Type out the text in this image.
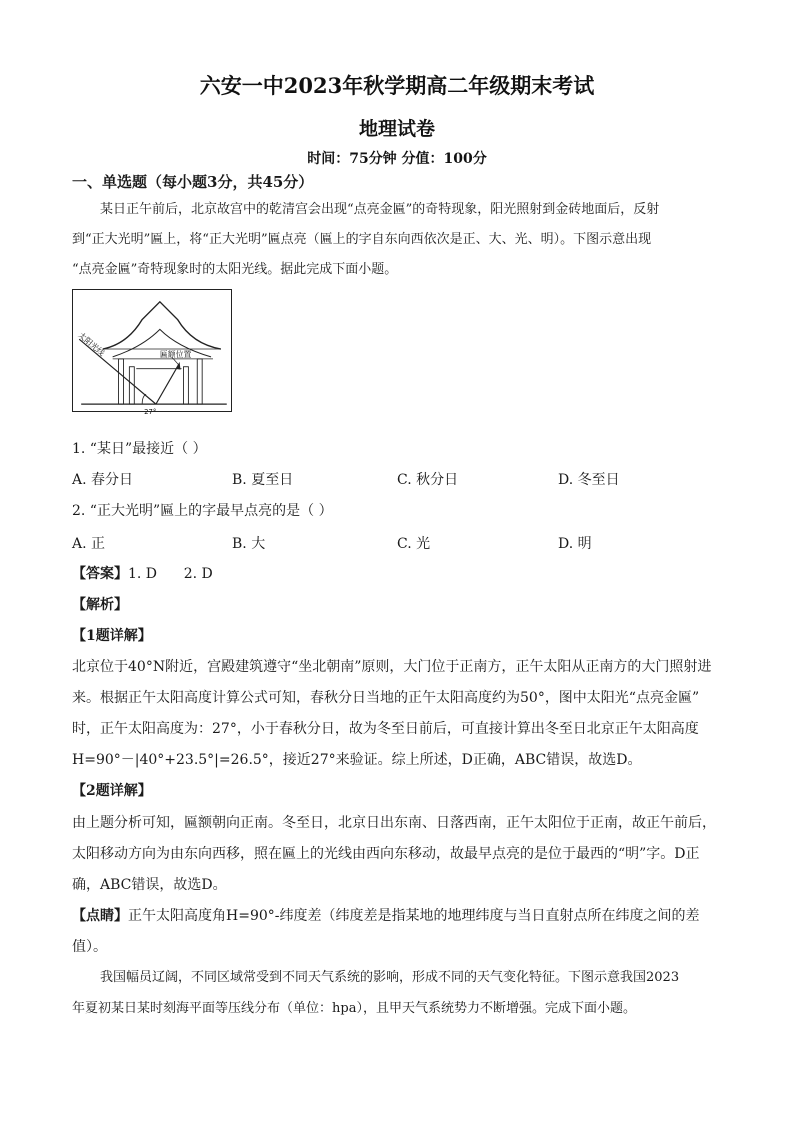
六安一中2023年秋学期高二年级期末考试
地理试卷
时间：75分钟 分值：100分
一、单选题（每小题3分，共45分）
某日正午前后，北京故宫中的乾清宫会出现“点亮金匾”的奇特现象，阳光照射到金砖地面后，反射
到“正大光明”匾上，将“正大光明”匾点亮（匾上的字自东向西依次是正、大、光、明）。下图示意出现
“点亮金匾”奇特现象时的太阳光线。据此完成下面小题。
太阳光线	匾额位置
27°
1. “某日”最接近（ ）
A. 春分日	B. 夏至日	C. 秋分日	D. 冬至日
2. “正大光明”匾上的字最早点亮的是（ ）
A. 正	B. 大	C. 光	D. 明
【答案】1. D      2. D
【解析】
【1题详解】
北京位于40°N附近，宫殿建筑遵守“坐北朝南”原则，大门位于正南方，正午太阳从正南方的大门照射进
来。根据正午太阳高度计算公式可知，春秋分日当地的正午太阳高度约为50°，图中太阳光“点亮金匾”
时，正午太阳高度为：27°，小于春秋分日，故为冬至日前后，可直接计算出冬至日北京正午太阳高度
H=90°－|40°+23.5°|=26.5°，接近27°来验证。综上所述，D正确，ABC错误，故选D。
【2题详解】
由上题分析可知，匾额朝向正南。冬至日，北京日出东南、日落西南，正午太阳位于正南，故正午前后，
太阳移动方向为由东向西移，照在匾上的光线由西向东移动，故最早点亮的是位于最西的“明”字。D正
确，ABC错误，故选D。
【点睛】正午太阳高度角H=90°-纬度差（纬度差是指某地的地理纬度与当日直射点所在纬度之间的差
值）。
我国幅员辽阔，不同区域常受到不同天气系统的影响，形成不同的天气变化特征。下图示意我国2023
年夏初某日某时刻海平面等压线分布（单位：hpa），且甲天气系统势力不断增强。完成下面小题。
